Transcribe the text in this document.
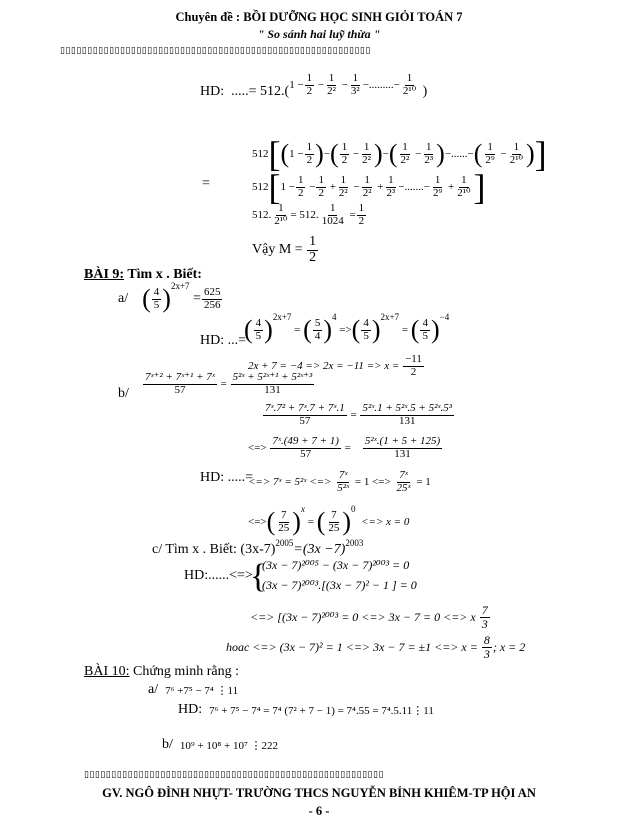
Chuyên đề : BỒI DƯỠNG HỌC SINH GIỎI TOÁN 7
" So sánh hai luỹ thừa "
▯▯▯▯▯▯▯▯▯▯▯▯▯▯▯▯▯▯▯▯▯▯▯▯▯▯▯▯▯▯▯▯▯▯▯▯▯▯▯▯▯▯▯▯▯▯▯▯▯▯▯▯▯▯▯▯▯
HD:
.....= 512.( $1 - \frac{1}{2} - \frac{1}{\text{2²}} - \frac{1}{\text{3²}}$ −.........− $\frac{1}{\text{2¹⁰}}$
)
512 [ ( $1 - \frac{1}{2}$ ) − ( $\frac{1}{2} - \frac{1}{\text{2²}}$ ) − ( $\frac{1}{\text{2²}} - \frac{1}{\text{2³}}$ ) −......− ( $\frac{1}{\text{2⁹}} - \frac{1}{\text{2¹⁰}}$ ) ]
=	512 [ $1 - \frac{1}{2} - \frac{1}{2} + \frac{1}{\text{2²}} - \frac{1}{\text{2²}} + \frac{1}{\text{2³}}$ −.......− $\frac{1}{\text{2⁹}} + \frac{1}{\text{2¹⁰}}$ ]
512. $\frac{1}{\text{2¹⁰}} = 512$. $\frac{1}{1024} = \frac{1}{2}$
Vậy M =
$\frac{1}{2}$
BÀI 9: Tìm x . Biết:
a/
( $\frac{4}{5}$ ) 2x+7
= $\frac{625}{256}$
HD: ...=
( $\frac{4}{5}$ ) 2x+7

=
( $\frac{5}{4}$ ) 4

=> ( $\frac{4}{5}$ ) 2x+7
= ( $\frac{4}{5}$ ) −4
2x + 7 = −4 => 2x = −11 => x =
$\frac{-11}{2}$
$b/ \frac{\text{7ˣ⁺² + 7ˣ⁺¹ + 7ˣ}}{57} = \frac{\text{5²ˣ + 5²ˣ⁺¹ + 5²ˣ⁺³}}{131}$
$\frac{\text{7ˣ.7² + 7ˣ.7 + 7ˣ.1}}{57} = \frac{\text{5²ˣ.1 + 5²ˣ.5 + 5²ˣ.5³}}{131}$
<=>
$\frac{\text{7ˣ.(49 + 7 + 1)}}{57} = \frac{\text{5²ˣ.(1 + 5 + 125)}}{131}$
HD: .....=
<=> 7ˣ = 5²ˣ <=>
$\frac{\text{7ˣ}}{\text{5²ˣ}}$
= 1 <=>
$\frac{\text{7ˣ}}{\text{25ˣ}}$
= 1
<=> ( $\frac{7}{25}$ ) x
= ( $\frac{7}{25}$ ) 0

<=> x = 0
c/ Tìm x . Biết: (3x-7) 2005 =(3x −7) 2003
HD:......<=>
{
(3x − 7)²⁰⁰⁵ − (3x − 7)²⁰⁰³ = 0
(3x − 7)²⁰⁰³.[(3x − 7)² − 1 ] = 0
<=> [(3x − 7)²⁰⁰³ = 0 <=> 3x − 7 = 0 <=> x
$\frac{7}{3}$
hoac <=> (3x − 7)² = 1 <=> 3x − 7 = ±1 <=> x =
$\frac{8}{3}$ ; x = 2
BÀI 10: Chứng minh rằng :
a/
7⁶ +7⁵ − 7⁴ ⋮11
HD:
7⁶ + 7⁵ − 7⁴ = 7⁴ (7² + 7 − 1) = 7⁴.55 = 7⁴.5.11⋮11
b/
10⁹ + 10⁸ + 10⁷ ⋮222
▯▯▯▯▯▯▯▯▯▯▯▯▯▯▯▯▯▯▯▯▯▯▯▯▯▯▯▯▯▯▯▯▯▯▯▯▯▯▯▯▯▯▯▯▯▯▯▯▯▯▯▯▯▯▯
GV. NGÔ ĐÌNH NHỰT- TRƯỜNG THCS NGUYỄN BỈNH KHIÊM-TP HỘI AN
- 6 -
